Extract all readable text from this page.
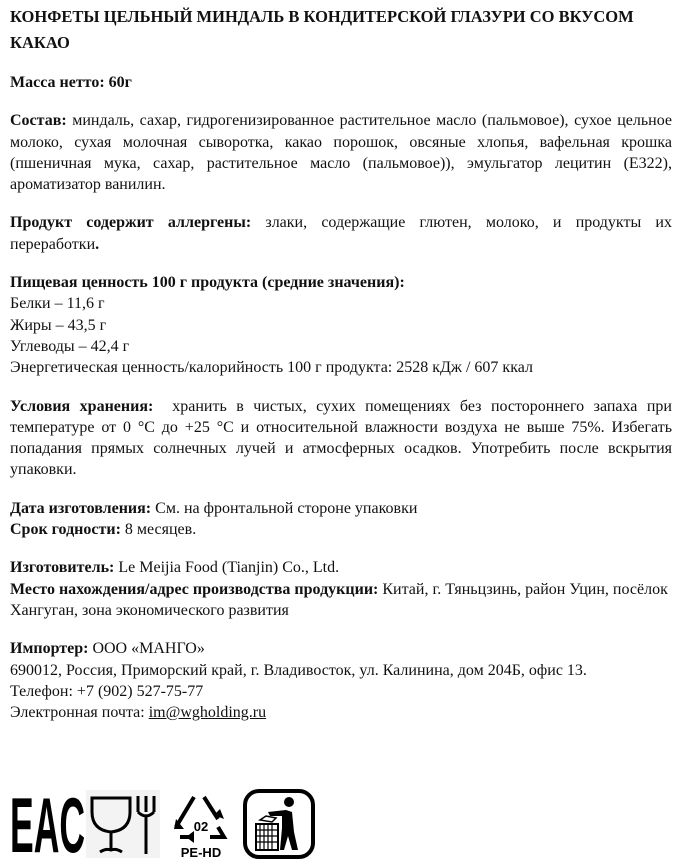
КОНФЕТЫ ЦЕЛЬНЫЙ МИНДАЛЬ В КОНДИТЕРСКОЙ ГЛАЗУРИ СО ВКУСОМ КАКАО

Масса нетто: 60г

Состав: миндаль, сахар, гидрогенизированное растительное масло (пальмовое), сухое цельное молоко, сухая молочная сыворотка, какао порошок, овсяные хлопья, вафельная крошка (пшеничная мука, сахар, растительное масло (пальмовое)), эмульгатор лецитин (E322), ароматизатор ванилин.

Продукт содержит аллергены: злаки, содержащие глютен, молоко, и продукты их переработки.

Пищевая ценность 100 г продукта (средние значения):
Белки – 11,6 г
Жиры – 43,5 г
Углеводы – 42,4 г
Энергетическая ценность/калорийность 100 г продукта: 2528 кДж / 607 ккал

Условия хранения:  хранить в чистых, сухих помещениях без постороннего запаха при температуре от 0 °C до +25 °C и относительной влажности воздуха не выше 75%. Избегать попадания прямых солнечных лучей и атмосферных осадков. Употребить после вскрытия упаковки.

Дата изготовления: См. на фронтальной стороне упаковки
Срок годности: 8 месяцев.

Изготовитель: Le Meijia Food (Tianjin) Co., Ltd.
Место нахождения/адрес производства продукции: Китай, г. Тяньцзинь, район Уцин, посёлок Хангуган, зона экономического развития

Импортер: ООО «МАНГО»
690012, Россия, Приморский край, г. Владивосток, ул. Калинина, дом 204Б, офис 13.
Телефон: +7 (902) 527-75-77
Электронная почта: im@wgholding.ru

EAC	02
PE-HD
